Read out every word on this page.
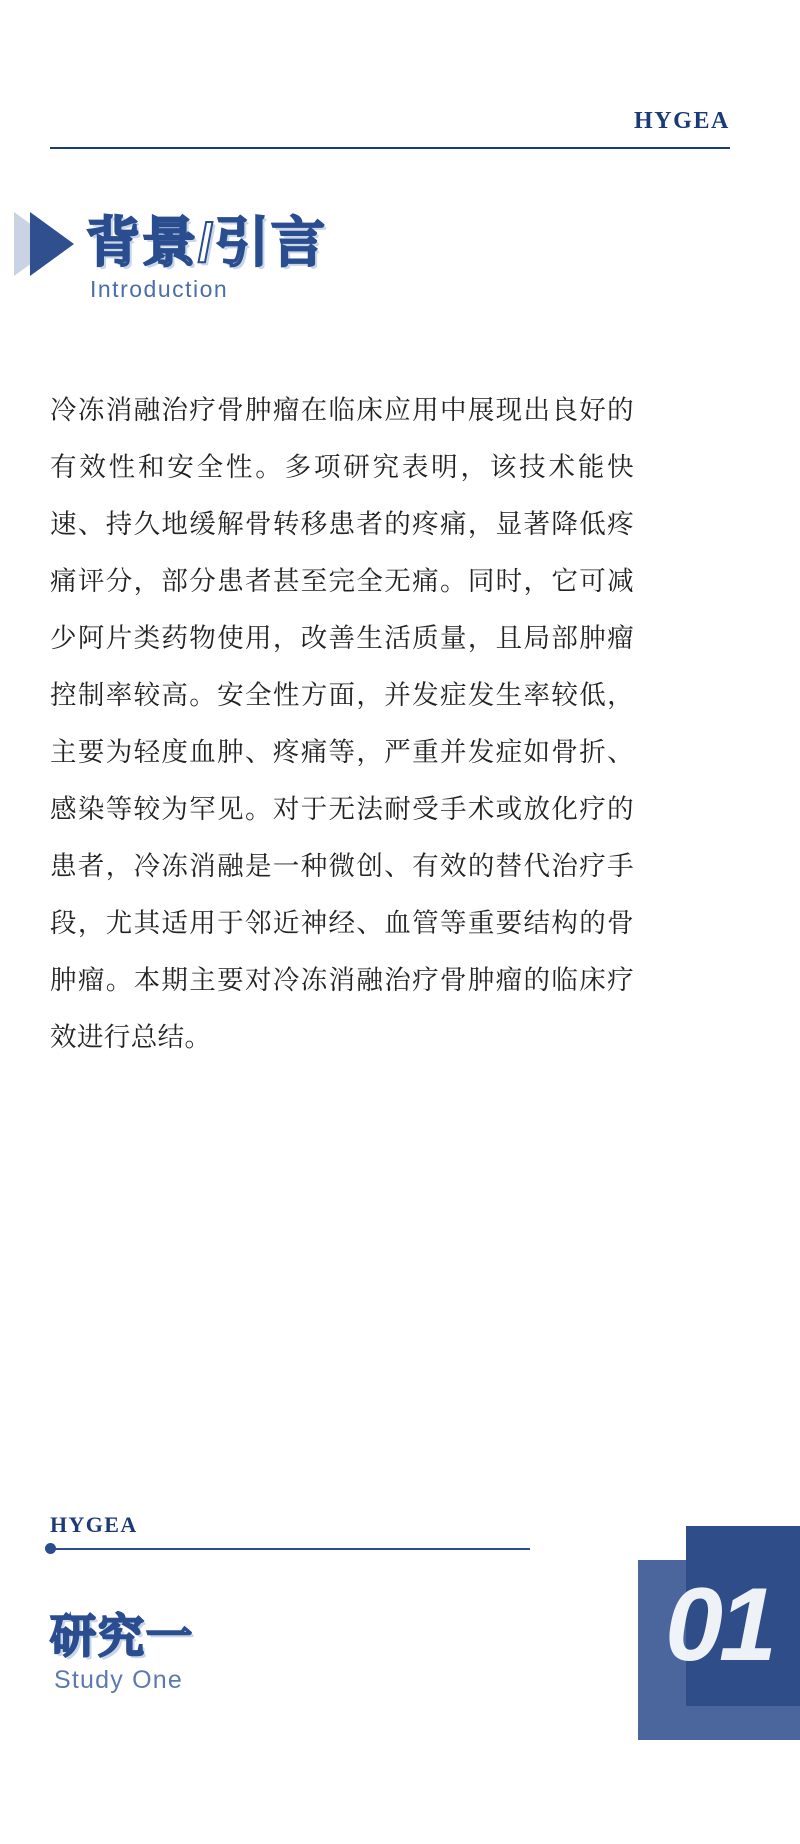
HYGEA
背景/引言
Introduction
冷冻消融治疗骨肿瘤在临床应用中展现出良好的有效性和安全性。多项研究表明，该技术能快速、持久地缓解骨转移患者的疼痛，显著降低疼痛评分，部分患者甚至完全无痛。同时，它可减少阿片类药物使用，改善生活质量，且局部肿瘤控制率较高。安全性方面，并发症发生率较低，主要为轻度血肿、疼痛等，严重并发症如骨折、感染等较为罕见。对于无法耐受手术或放化疗的患者，冷冻消融是一种微创、有效的替代治疗手段，尤其适用于邻近神经、血管等重要结构的骨肿瘤。本期主要对冷冻消融治疗骨肿瘤的临床疗效进行总结。
HYGEA
01
研究一
Study One
